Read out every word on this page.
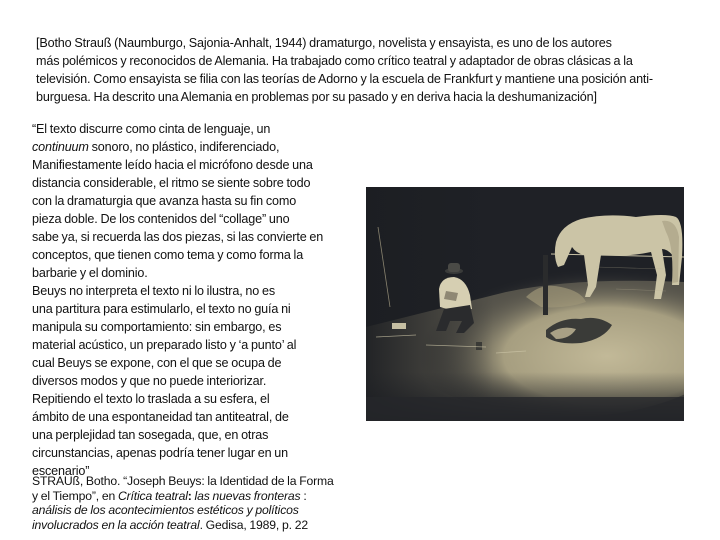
[Botho Strauß (Naumburgo, Sajonia-Anhalt, 1944) dramaturgo, novelista y ensayista, es uno de los autores
más polémicos y reconocidos de Alemania. Ha trabajado como crítico teatral y adaptador de obras clásicas a la
televisión. Como ensayista se filia con las teorías de Adorno y la escuela de Frankfurt y mantiene una posición anti-
burguesa. Ha descrito una Alemania en problemas por su pasado y en deriva hacia la deshumanización]
“El texto discurre como cinta de lenguaje, un
continuum sonoro, no plástico, indiferenciado,
Manifiestamente leído hacia el micrófono desde una
distancia considerable, el ritmo se siente sobre todo
con la dramaturgia que avanza hasta su fin como
pieza doble. De los contenidos del “collage” uno
sabe ya, si recuerda las dos piezas, si las convierte en
conceptos, que tienen como tema y como forma la
barbarie y el dominio.
Beuys no interpreta el texto ni lo ilustra, no es
una partitura para estimularlo, el texto no guía ni
manipula su comportamiento: sin embargo, es
material acústico, un preparado listo y ‘a punto’ al
cual Beuys se expone, con el que se ocupa de
diversos modos y que no puede interiorizar.
Repitiendo el texto lo traslada a su esfera, el
ámbito de una espontaneidad tan antiteatral, de
una perplejidad tan sosegada, que, en otras
circunstancias, apenas podría tener lugar en un
escenario”
STRAUß, Botho. “Joseph Beuys: la Identidad de la Forma
y el Tiempo”, en Crítica teatral: las nuevas fronteras :
análisis de los acontecimientos estéticos y políticos
involucrados en la acción teatral. Gedisa, 1989, p. 22
